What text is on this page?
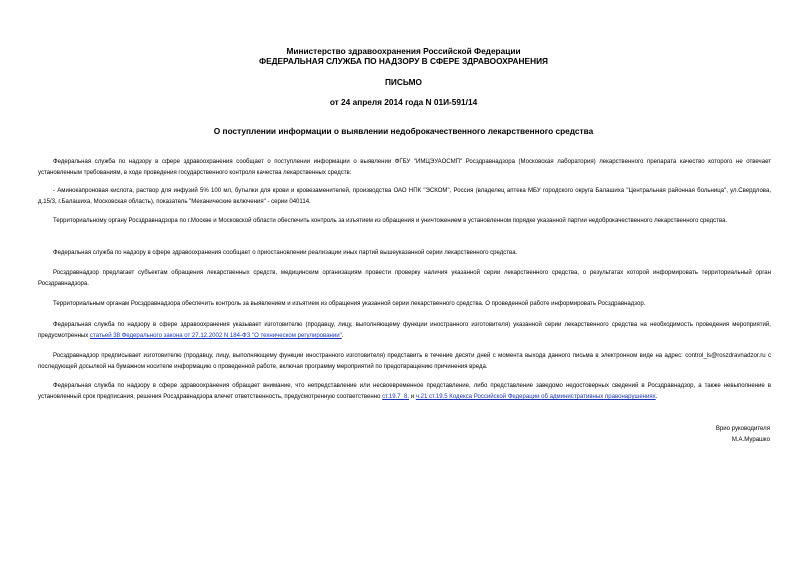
Министерство здравоохранения Российской Федерации
ФЕДЕРАЛЬНАЯ СЛУЖБА ПО НАДЗОРУ В СФЕРЕ ЗДРАВООХРАНЕНИЯ
ПИСЬМО
от 24 апреля 2014 года N 01И-591/14
О поступлении информации о выявлении недоброкачественного лекарственного средства
Федеральная служба по надзору в сфере здравоохранения сообщает о поступлении информации о выявлении ФГБУ "ИМЦЭУАОСМП" Росздравнадзора (Московская лаборатория) лекарственного препарата качество которого не отвечает установленным требованиям, в ходе проведения государственного контроля качества лекарственных средств:
- Аминокапроновая кислота, раствор для инфузий 5% 100 мл, бутылки для крови и кровезаменителей, производства ОАО НПК "ЭСКОМ", Россия (владелец аптека МБУ городского округа Балашиха "Центральная районная больница", ул.Свердлова, д.15/3, г.Балашиха, Московская область), показатель "Механические включения" - серии 040114.
Территориальному органу Росздравнадзора по г.Москве и Московской области обеспечить контроль за изъятием из обращения и уничтожением в установленном порядке указанной партии недоброкачественного лекарственного средства.
Федеральная служба по надзору в сфере здравоохранения сообщает о приостановлении реализации иных партий вышеуказанной серии лекарственного средства.
Росздравнадзор предлагает субъектам обращения лекарственных средств, медицинским организациям провести проверку наличия указанной серии лекарственного средства, о результатах которой информировать территориальный орган Росздравнадзора.
Территориальным органам Росздравнадзора обеспечить контроль за выявлением и изъятием из обращения указанной серии лекарственного средства. О проведенной работе информировать Росздравнадзор.
Федеральная служба по надзору в сфере здравоохранения указывает изготовителю (продавцу, лицу, выполняющему функции иностранного изготовителя) указанной серии лекарственного средства на необходимость проведения мероприятий, предусмотренных статьей 38 Федерального закона от 27.12.2002 N 184-ФЗ "О техническом регулировании".
Росздравнадзор предписывает изготовителю (продавцу, лицу, выполняющему функции иностранного изготовителя) представить в течение десяти дней с момента выхода данного письма в электронном виде на адрес: control_ls@roszdravnadzor.ru с последующей досылкой на бумажном носителе информацию о проведенной работе, включая программу мероприятий по предотвращению причинения вреда.
Федеральная служба по надзору в сфере здравоохранения обращает внимание, что непредставление или несвоевременное представление, либо представление заведомо недостоверных сведений в Росздравнадзор, а также невыполнение в установленный срок предписания, решения Росздравнадзора влечет ответственность, предусмотренную соответственно ст.19.7_8. и ч.21 ст.19.5 Кодекса Российской Федерации об административных правонарушениях.
Врио руководителя
М.А.Мурашко
